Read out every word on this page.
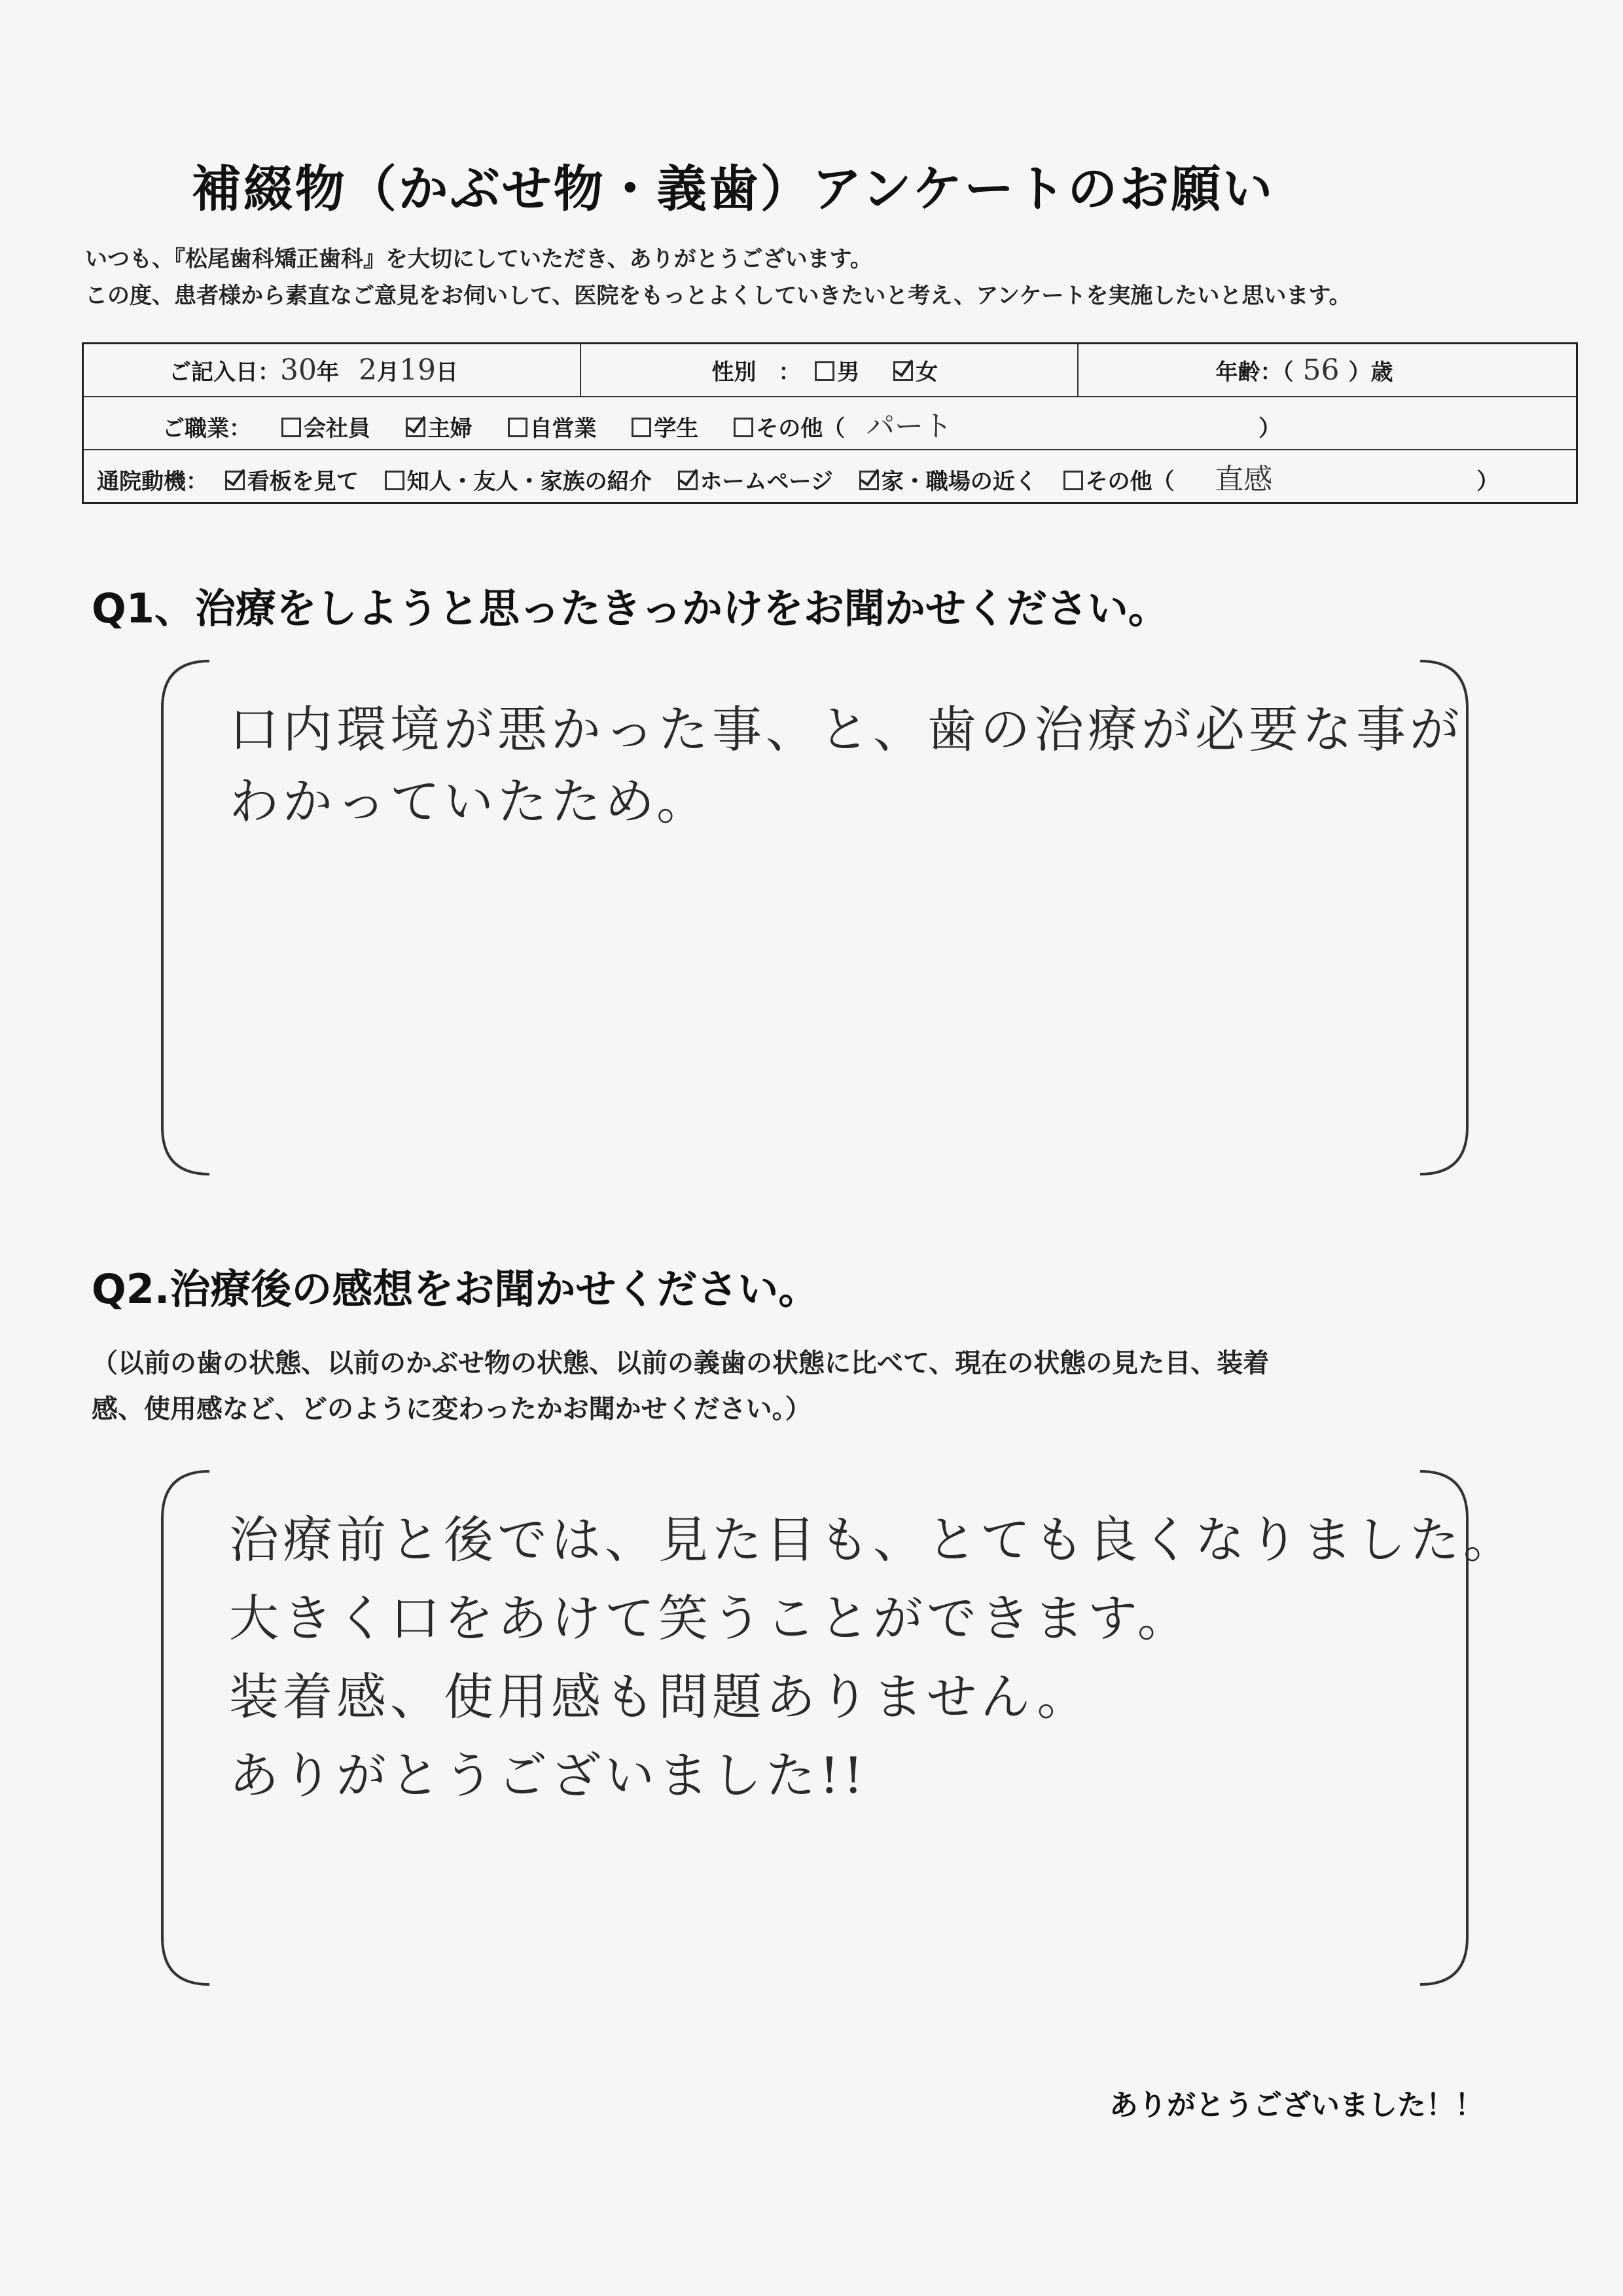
補綴物（かぶせ物・義歯）アンケートのお願い
いつも、『松尾歯科矯正歯科』を大切にしていただき、ありがとうございます。
この度、患者様から素直なご意見をお伺いして、医院をもっとよくしていきたいと考え、アンケートを実施したいと思います。
ご記入日：30年 2月19日	性別　： 男	女	年齢：（ 56 ）歳
ご職業： 会社員	主婦	自営業	学生	その他（ パート	）
通院動機： 看板を見て 知人・友人・家族の紹介 ホームページ 家・職場の近く その他（ 直感	）
Q1、治療をしようと思ったきっかけをお聞かせください。
口内環境が悪かった事、と、歯の治療が必要な事が
わかっていたため。
Q2.治療後の感想をお聞かせください。
（以前の歯の状態、以前のかぶせ物の状態、以前の義歯の状態に比べて、現在の状態の見た目、装着
感、使用感など、どのように変わったかお聞かせください。）
治療前と後では、見た目も、とても良くなりました。
大きく口をあけて笑うことができます。
装着感、使用感も問題ありません。
ありがとうございました!!
ありがとうございました！！
